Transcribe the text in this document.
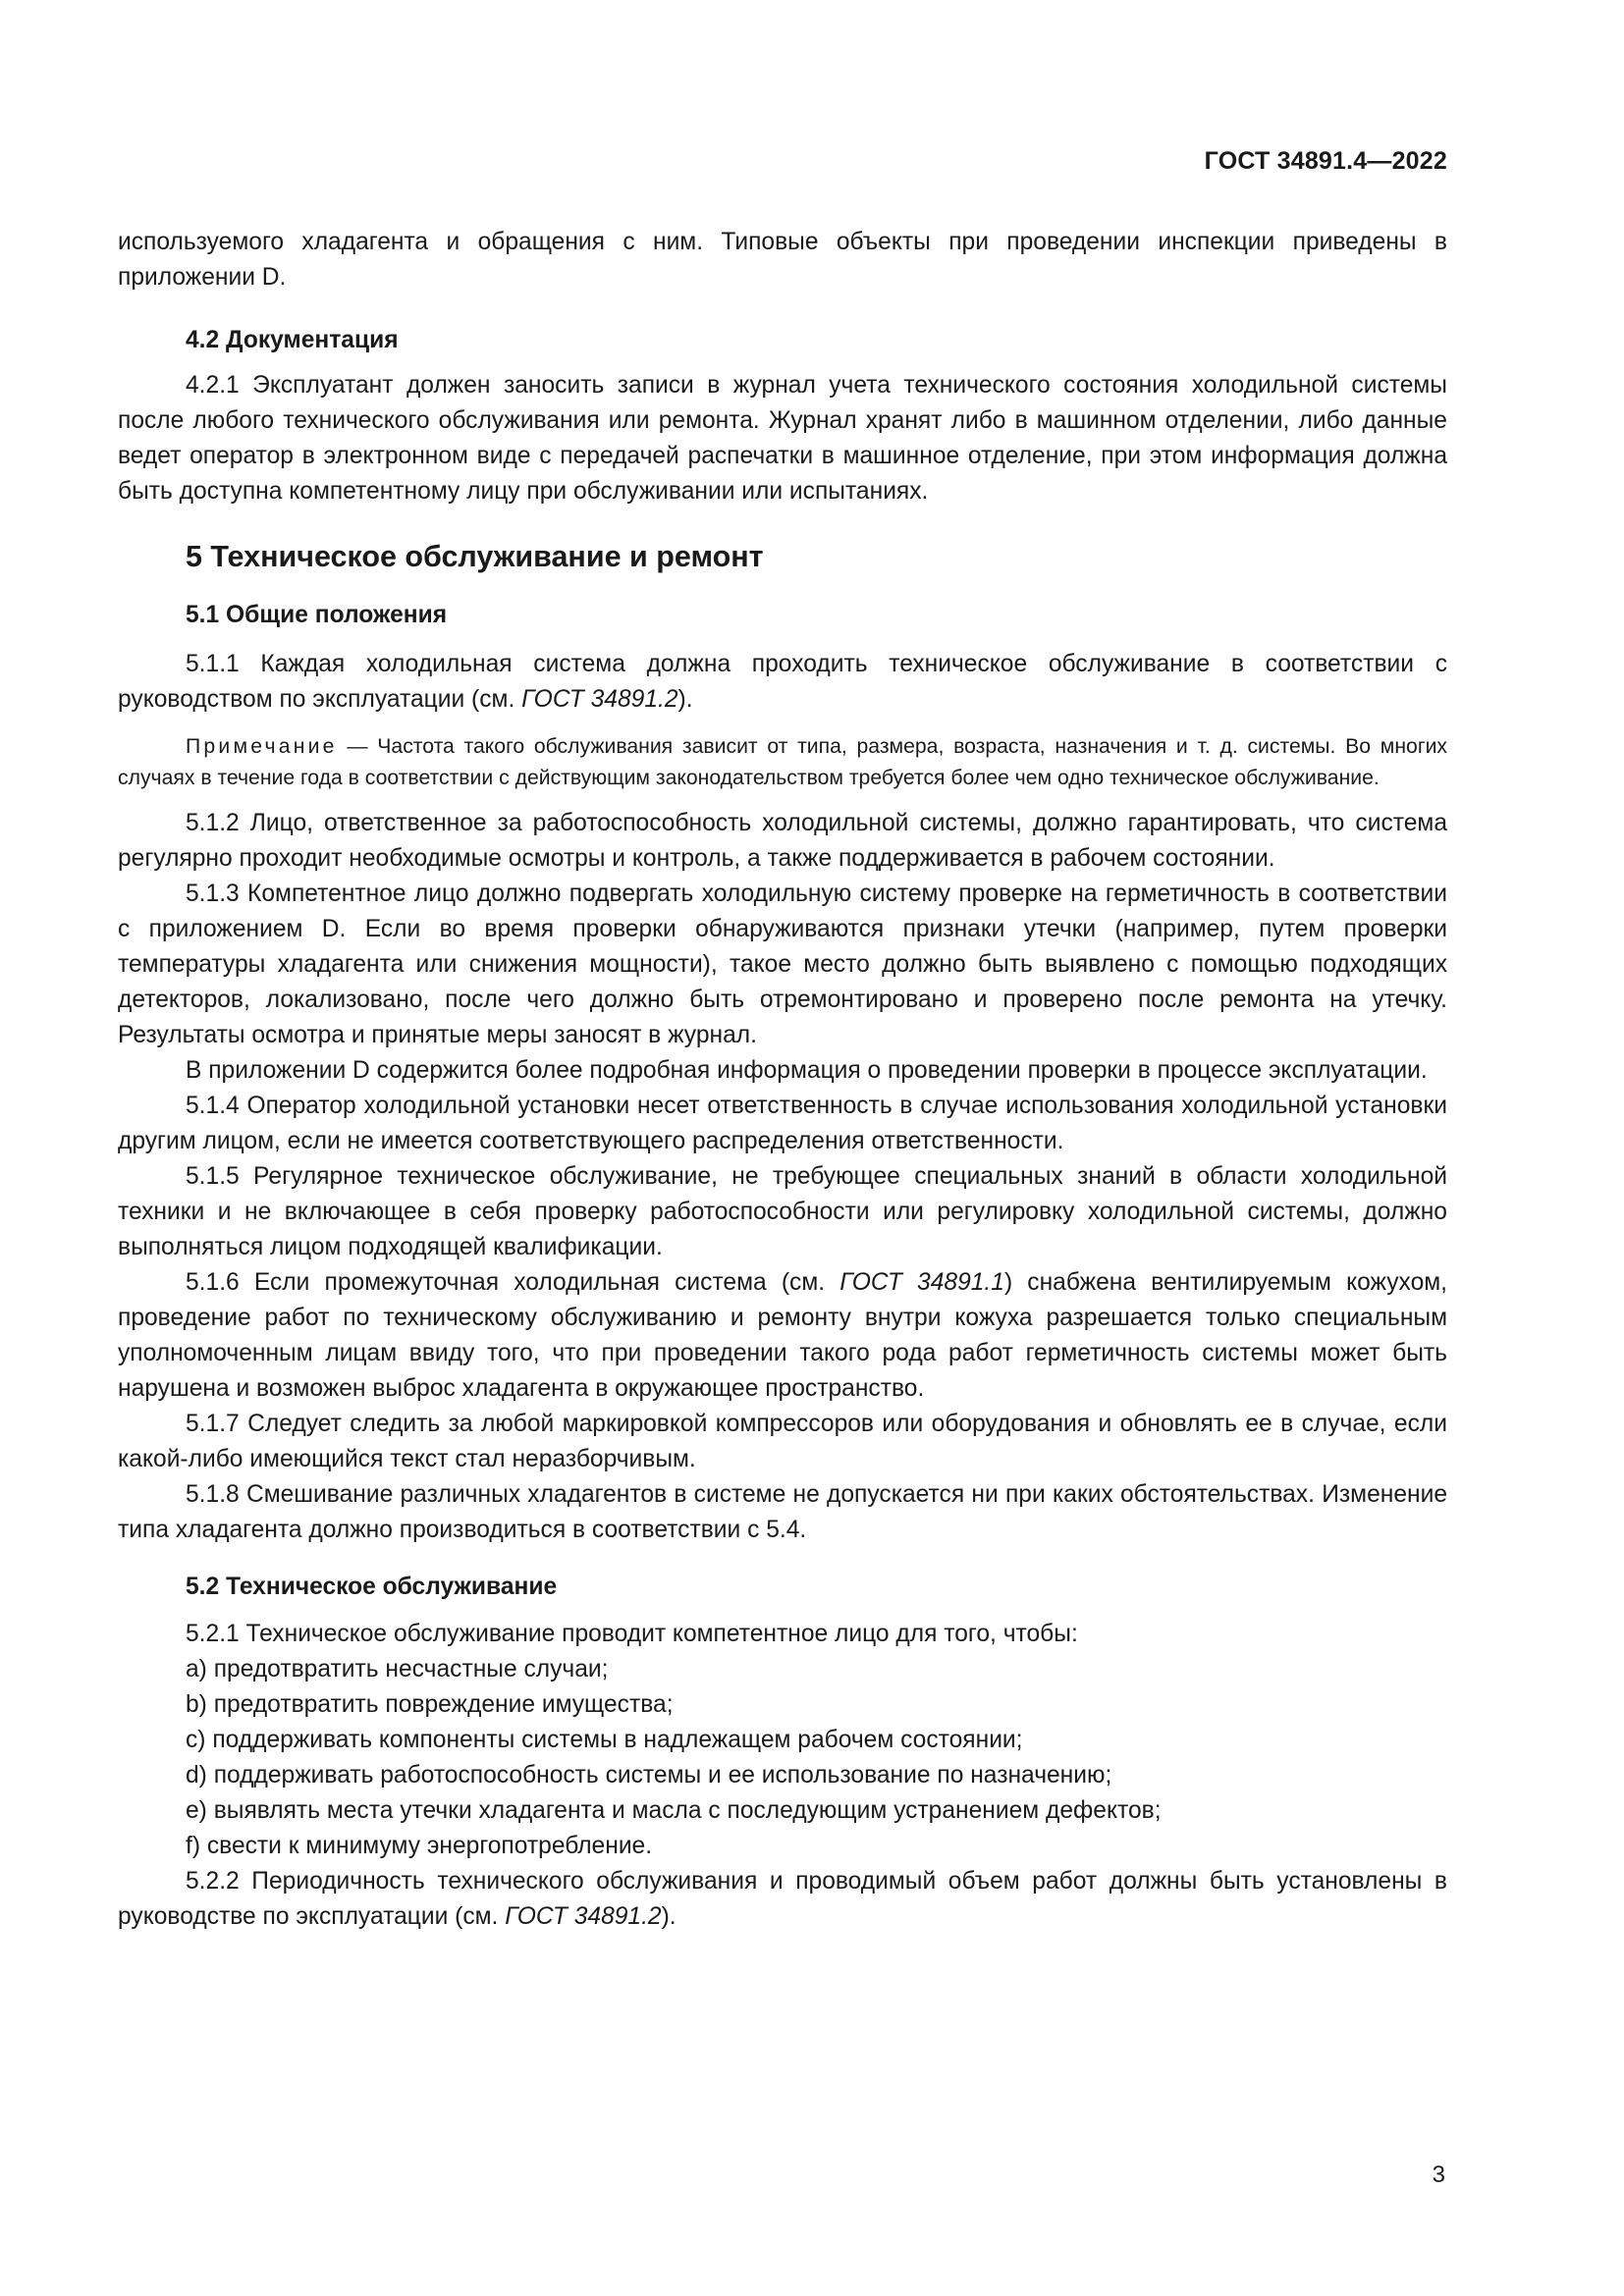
ГОСТ 34891.4—2022

используемого хладагента и обращения с ним. Типовые объекты при проведении инспекции приведены в приложении D.

4.2 Документация

4.2.1 Эксплуатант должен заносить записи в журнал учета технического состояния холодильной системы после любого технического обслуживания или ремонта. Журнал хранят либо в машинном отделении, либо данные ведет оператор в электронном виде с передачей распечатки в машинное отделение, при этом информация должна быть доступна компетентному лицу при обслуживании или испытаниях.

5 Техническое обслуживание и ремонт

5.1 Общие положения

5.1.1 Каждая холодильная система должна проходить техническое обслуживание в соответствии с руководством по эксплуатации (см. ГОСТ 34891.2).

Примечание — Частота такого обслуживания зависит от типа, размера, возраста, назначения и т. д. системы. Во многих случаях в течение года в соответствии с действующим законодательством требуется более чем одно техническое обслуживание.

5.1.2 Лицо, ответственное за работоспособность холодильной системы, должно гарантировать, что система регулярно проходит необходимые осмотры и контроль, а также поддерживается в рабочем состоянии.

5.1.3 Компетентное лицо должно подвергать холодильную систему проверке на герметичность в соответствии с приложением D. Если во время проверки обнаруживаются признаки утечки (например, путем проверки температуры хладагента или снижения мощности), такое место должно быть выявлено с помощью подходящих детекторов, локализовано, после чего должно быть отремонтировано и проверено после ремонта на утечку. Результаты осмотра и принятые меры заносят в журнал.

В приложении D содержится более подробная информация о проведении проверки в процессе эксплуатации.

5.1.4 Оператор холодильной установки несет ответственность в случае использования холодильной установки другим лицом, если не имеется соответствующего распределения ответственности.

5.1.5 Регулярное техническое обслуживание, не требующее специальных знаний в области холодильной техники и не включающее в себя проверку работоспособности или регулировку холодильной системы, должно выполняться лицом подходящей квалификации.

5.1.6 Если промежуточная холодильная система (см. ГОСТ 34891.1) снабжена вентилируемым кожухом, проведение работ по техническому обслуживанию и ремонту внутри кожуха разрешается только специальным уполномоченным лицам ввиду того, что при проведении такого рода работ герметичность системы может быть нарушена и возможен выброс хладагента в окружающее пространство.

5.1.7 Следует следить за любой маркировкой компрессоров или оборудования и обновлять ее в случае, если какой-либо имеющийся текст стал неразборчивым.

5.1.8 Смешивание различных хладагентов в системе не допускается ни при каких обстоятельствах. Изменение типа хладагента должно производиться в соответствии с 5.4.

5.2 Техническое обслуживание

5.2.1 Техническое обслуживание проводит компетентное лицо для того, чтобы:

a) предотвратить несчастные случаи;

b) предотвратить повреждение имущества;

c) поддерживать компоненты системы в надлежащем рабочем состоянии;

d) поддерживать работоспособность системы и ее использование по назначению;

e) выявлять места утечки хладагента и масла с последующим устранением дефектов;

f) свести к минимуму энергопотребление.

5.2.2 Периодичность технического обслуживания и проводимый объем работ должны быть установлены в руководстве по эксплуатации (см. ГОСТ 34891.2).

3
